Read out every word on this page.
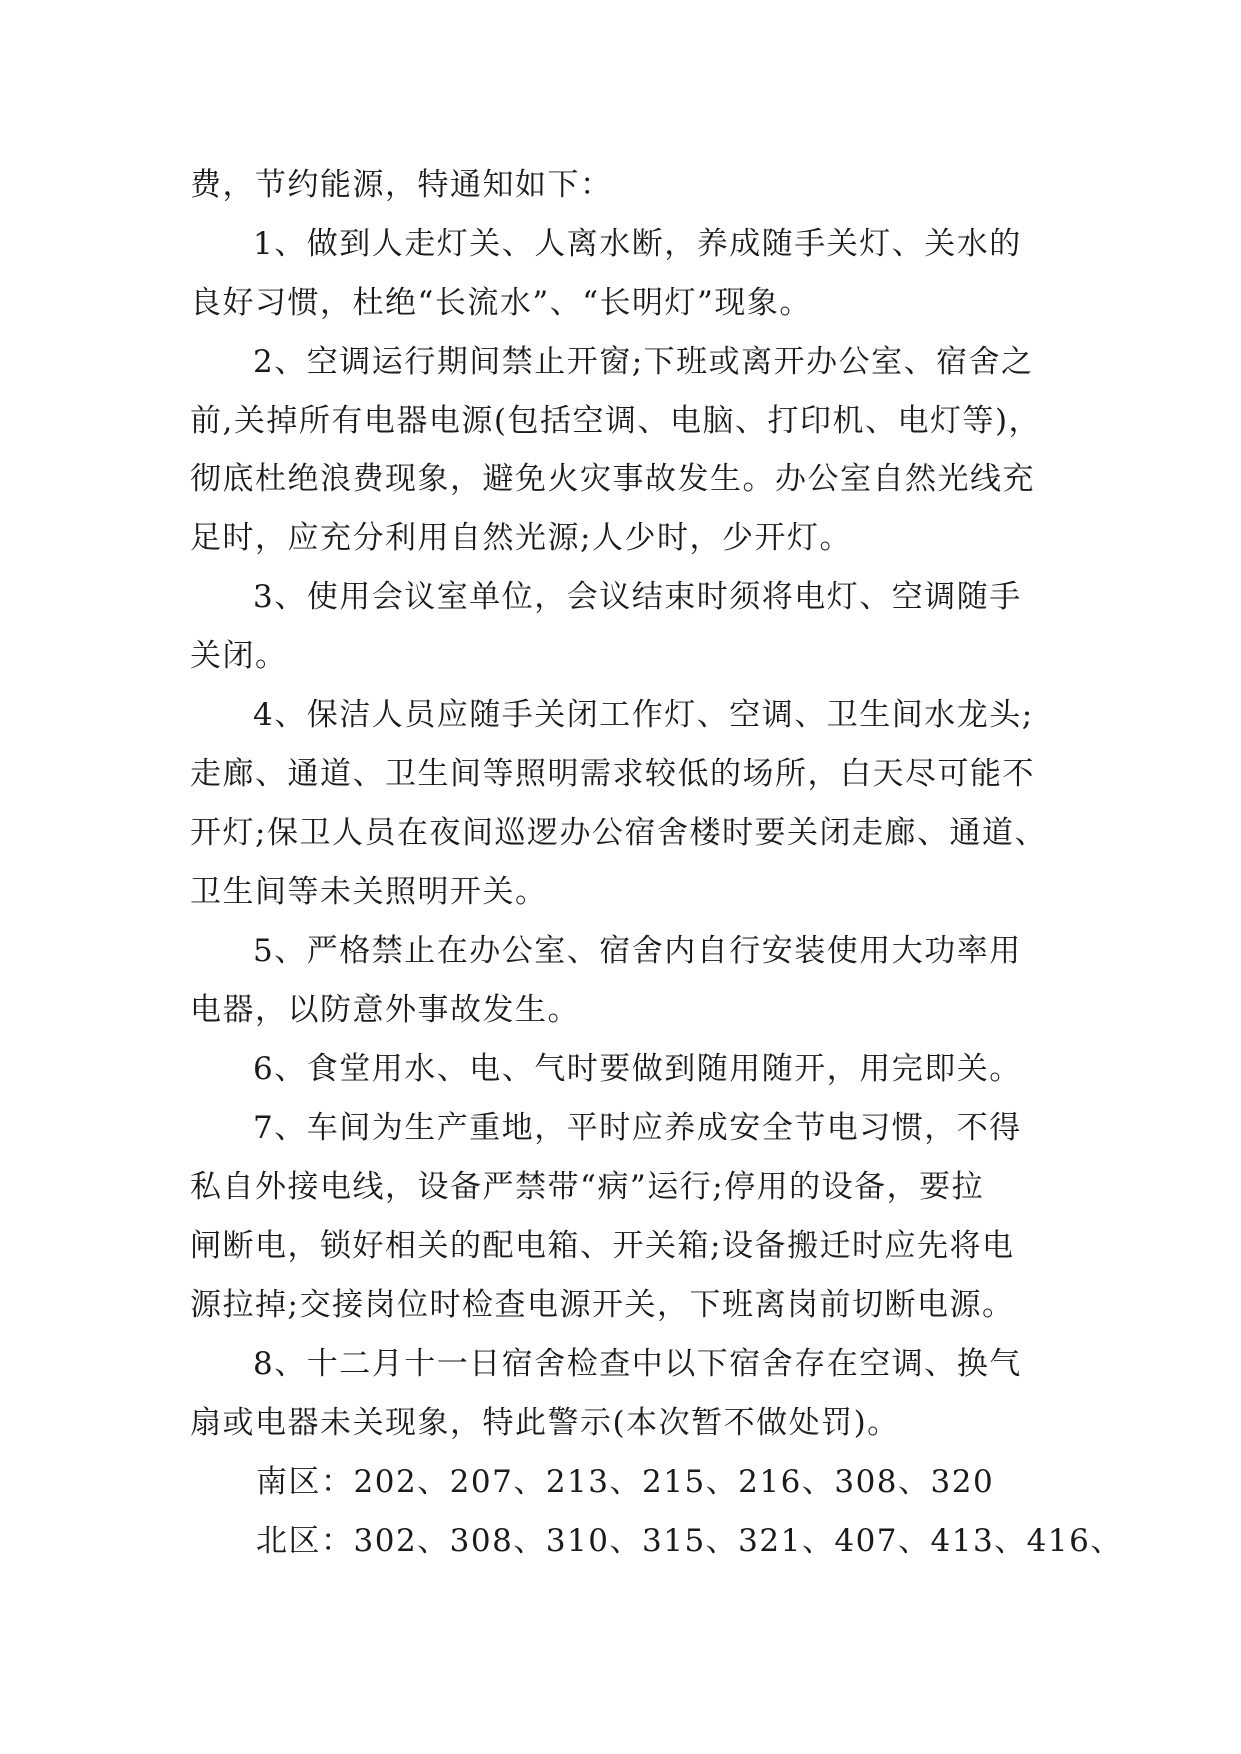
费，节约能源，特通知如下：
1、做到人走灯关、人离水断，养成随手关灯、关水的
良好习惯，杜绝“长流水”、“长明灯”现象。
2、空调运行期间禁止开窗;下班或离开办公室、宿舍之
前,关掉所有电器电源(包括空调、电脑、打印机、电灯等)，
彻底杜绝浪费现象，避免火灾事故发生。办公室自然光线充
足时，应充分利用自然光源;人少时，少开灯。
3、使用会议室单位，会议结束时须将电灯、空调随手
关闭。
4、保洁人员应随手关闭工作灯、空调、卫生间水龙头;
走廊、通道、卫生间等照明需求较低的场所，白天尽可能不
开灯;保卫人员在夜间巡逻办公宿舍楼时要关闭走廊、通道、
卫生间等未关照明开关。
5、严格禁止在办公室、宿舍内自行安装使用大功率用
电器，以防意外事故发生。
6、食堂用水、电、气时要做到随用随开，用完即关。
7、车间为生产重地，平时应养成安全节电习惯，不得
私自外接电线，设备严禁带“病”运行;停用的设备，要拉
闸断电，锁好相关的配电箱、开关箱;设备搬迁时应先将电
源拉掉;交接岗位时检查电源开关，下班离岗前切断电源。
8、十二月十一日宿舍检查中以下宿舍存在空调、换气
扇或电器未关现象，特此警示(本次暂不做处罚)。
南区：202、207、213、215、216、308、320
北区：302、308、310、315、321、407、413、416、
